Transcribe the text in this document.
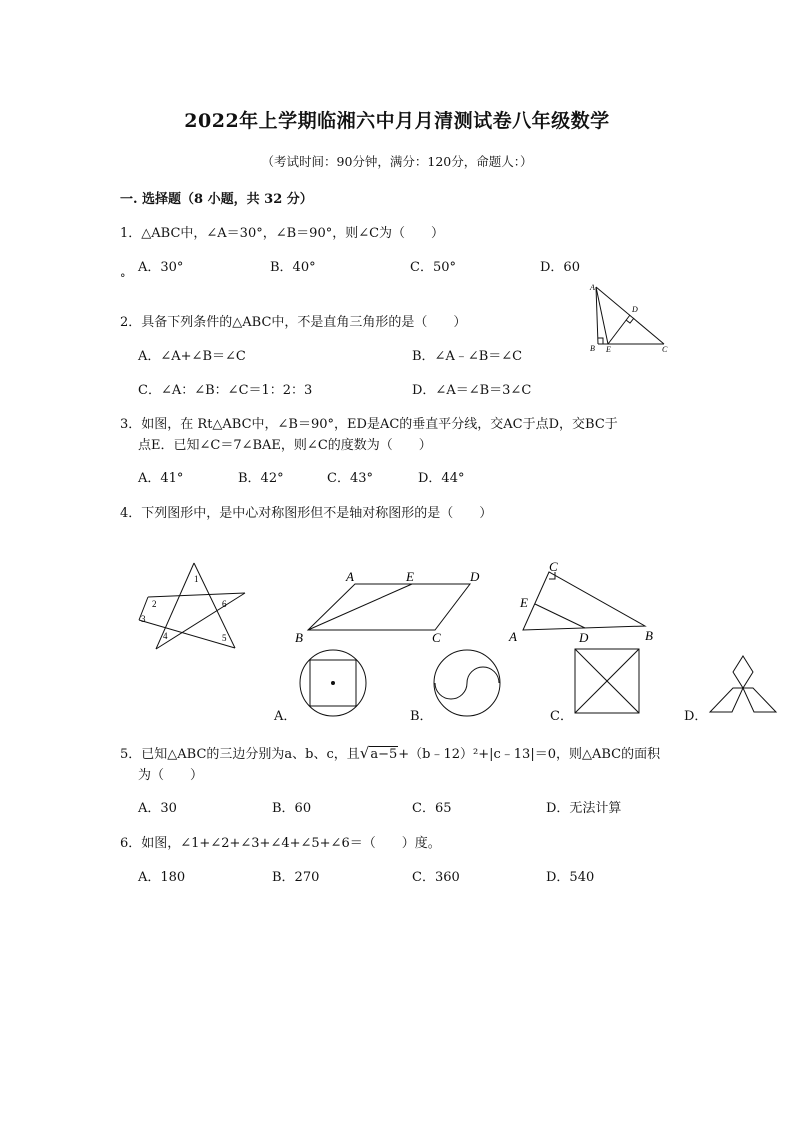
2022年上学期临湘六中月月清测试卷八年级数学
（考试时间：90分钟，满分：120分，命题人：）
一. 选择题（8 小题，共 32 分）
1．△ABC中，∠A＝30°，∠B＝90°，则∠C为（　　）
A．30°	B．40°	C．50°	D．60
°
A
D
B E	C
2．具备下列条件的△ABC中，不是直角三角形的是（　　）
A．∠A+∠B＝∠C	B．∠A﹣∠B＝∠C
C．∠A：∠B：∠C＝1：2：3	D．∠A＝∠B＝3∠C
3．如图，在 Rt△ABC中，∠B＝90°，ED是AC的垂直平分线，交AC于点D，交BC于
点E．已知∠C＝7∠BAE，则∠C的度数为（　　）
A．41°	B．42°	C．43°	D．44°
4．下列图形中，是中心对称图形但不是轴对称图形的是（　　）
1
2
3
4	5
6
A	E	D
B	C
C
E
A	D	B
A．	B．	C．	D．
5．已知△ABC的三边分别为a、b、c，且√a−5+（b﹣12）²+|c﹣13|＝0，则△ABC的面积
为（　　）
A．30	B．60	C．65	D．无法计算
6．如图，∠1+∠2+∠3+∠4+∠5+∠6＝（　　）度。
A．180	B．270	C．360	D．540
